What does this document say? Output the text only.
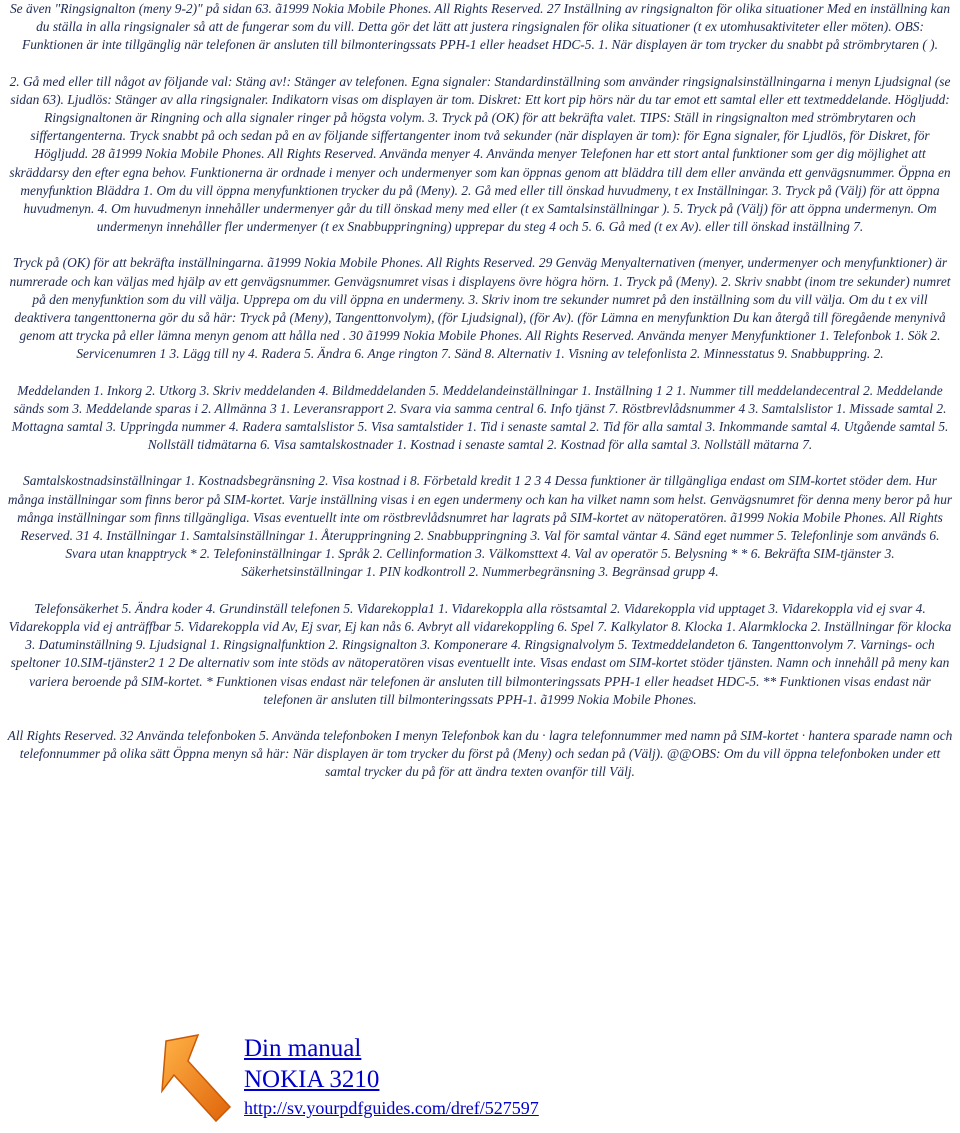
Se även "Ringsignalton (meny 9-2)" på sidan 63. ã1999 Nokia Mobile Phones. All Rights Reserved. 27 Inställning av ringsignalton för olika situationer Med en inställning kan du ställa in alla ringsignaler så att de fungerar som du vill. Detta gör det lätt att justera ringsignalen för olika situationer (t ex utomhusaktiviteter eller möten). OBS: Funktionen är inte tillgänglig när telefonen är ansluten till bilmonteringssats PPH-1 eller headset HDC-5. 1. När displayen är tom trycker du snabbt på strömbrytaren ( ).

2. Gå med eller till något av följande val: Stäng av!: Stänger av telefonen. Egna signaler: Standardinställning som använder ringsignalsinställningarna i menyn Ljudsignal (se sidan 63). Ljudlös: Stänger av alla ringsignaler. Indikatorn visas om displayen är tom. Diskret: Ett kort pip hörs när du tar emot ett samtal eller ett textmeddelande. Högljudd: Ringsignaltonen är Ringning och alla signaler ringer på högsta volym. 3. Tryck på (OK) för att bekräfta valet. TIPS: Ställ in ringsignalton med strömbrytaren och siffertangenterna. Tryck snabbt på och sedan på en av följande siffertangenter inom två sekunder (när displayen är tom): för Egna signaler, för Ljudlös, för Diskret, för Högljudd. 28 ã1999 Nokia Mobile Phones. All Rights Reserved. Använda menyer 4. Använda menyer Telefonen har ett stort antal funktioner som ger dig möjlighet att skräddarsy den efter egna behov. Funktionerna är ordnade i menyer och undermenyer som kan öppnas genom att bläddra till dem eller använda ett genvägsnummer. Öppna en menyfunktion Bläddra 1. Om du vill öppna menyfunktionen trycker du på (Meny). 2. Gå med eller till önskad huvudmeny, t ex Inställningar. 3. Tryck på (Välj) för att öppna huvudmenyn. 4. Om huvudmenyn innehåller undermenyer går du till önskad meny med eller (t ex Samtalsinställningar ). 5. Tryck på (Välj) för att öppna undermenyn. Om undermenyn innehåller fler undermenyer (t ex Snabbuppringning) upprepar du steg 4 och 5. 6. Gå med (t ex Av). eller till önskad inställning 7.

Tryck på (OK) för att bekräfta inställningarna. ã1999 Nokia Mobile Phones. All Rights Reserved. 29 Genväg Menyalternativen (menyer, undermenyer och menyfunktioner) är numrerade och kan väljas med hjälp av ett genvägsnummer. Genvägsnumret visas i displayens övre högra hörn. 1. Tryck på (Meny). 2. Skriv snabbt (inom tre sekunder) numret på den menyfunktion som du vill välja. Upprepa om du vill öppna en undermeny. 3. Skriv inom tre sekunder numret på den inställning som du vill välja. Om du t ex vill deaktivera tangenttonerna gör du så här: Tryck på (Meny), Tangenttonvolym), (för Ljudsignal), (för Av). (för Lämna en menyfunktion Du kan återgå till föregående menynivå genom att trycka på eller lämna menyn genom att hålla ned . 30 ã1999 Nokia Mobile Phones. All Rights Reserved. Använda menyer Menyfunktioner 1. Telefonbok 1. Sök 2. Servicenumren 1 3. Lägg till ny 4. Radera 5. Ändra 6. Ange rington 7. Sänd 8. Alternativ 1. Visning av telefonlista 2. Minnesstatus 9. Snabbuppring. 2.

Meddelanden 1. Inkorg 2. Utkorg 3. Skriv meddelanden 4. Bildmeddelanden 5. Meddelandeinställningar 1. Inställning 1 2 1. Nummer till meddelandecentral 2. Meddelande sänds som 3. Meddelande sparas i 2. Allmänna 3 1. Leveransrapport 2. Svara via samma central 6. Info tjänst 7. Röstbrevlådsnummer 4 3. Samtalslistor 1. Missade samtal 2. Mottagna samtal 3. Uppringda nummer 4. Radera samtalslistor 5. Visa samtalstider 1. Tid i senaste samtal 2. Tid för alla samtal 3. Inkommande samtal 4. Utgående samtal 5. Nollställ tidmätarna 6. Visa samtalskostnader 1. Kostnad i senaste samtal 2. Kostnad för alla samtal 3. Nollställ mätarna 7.

Samtalskostnadsinställningar 1. Kostnadsbegränsning 2. Visa kostnad i 8. Förbetald kredit 1 2 3 4 Dessa funktioner är tillgängliga endast om SIM-kortet stöder dem. Hur många inställningar som finns beror på SIM-kortet. Varje inställning visas i en egen undermeny och kan ha vilket namn som helst. Genvägsnumret för denna meny beror på hur många inställningar som finns tillgängliga. Visas eventuellt inte om röstbrevlådsnumret har lagrats på SIM-kortet av nätoperatören. ã1999 Nokia Mobile Phones. All Rights Reserved. 31 4. Inställningar 1. Samtalsinställningar 1. Återuppringning 2. Snabbuppringning 3. Val för samtal väntar 4. Sänd eget nummer 5. Telefonlinje som används 6. Svara utan knapptryck * 2. Telefoninställningar 1. Språk 2. Cellinformation 3. Välkomsttext 4. Val av operatör 5. Belysning * * 6. Bekräfta SIM-tjänster 3. Säkerhetsinställningar 1. PIN kodkontroll 2. Nummerbegränsning 3. Begränsad grupp 4.

Telefonsäkerhet 5. Ändra koder 4. Grundinställ telefonen 5. Vidarekoppla1 1. Vidarekoppla alla röstsamtal 2. Vidarekoppla vid upptaget 3. Vidarekoppla vid ej svar 4. Vidarekoppla vid ej anträffbar 5. Vidarekoppla vid Av, Ej svar, Ej kan nås 6. Avbryt all vidarekoppling 6. Spel 7. Kalkylator 8. Klocka 1. Alarmklocka 2. Inställningar för klocka 3. Datuminställning 9. Ljudsignal 1. Ringsignalfunktion 2. Ringsignalton 3. Komponerare 4. Ringsignalvolym 5. Textmeddelandeton 6. Tangenttonvolym 7. Varnings- och speltoner 10.SIM-tjänster2 1 2 De alternativ som inte stöds av nätoperatören visas eventuellt inte. Visas endast om SIM-kortet stöder tjänsten. Namn och innehåll på meny kan variera beroende på SIM-kortet. * Funktionen visas endast när telefonen är ansluten till bilmonteringssats PPH-1 eller headset HDC-5. ** Funktionen visas endast när telefonen är ansluten till bilmonteringssats PPH-1. ã1999 Nokia Mobile Phones.

All Rights Reserved. 32 Använda telefonboken 5. Använda telefonboken I menyn Telefonbok kan du · lagra telefonnummer med namn på SIM-kortet · hantera sparade namn och telefonnummer på olika sätt Öppna menyn så här: När displayen är tom trycker du först på (Meny) och sedan på (Välj). @@OBS: Om du vill öppna telefonboken under ett samtal trycker du på för att ändra texten ovanför till Välj.

Din manual
NOKIA 3210
http://sv.yourpdfguides.com/dref/527597
